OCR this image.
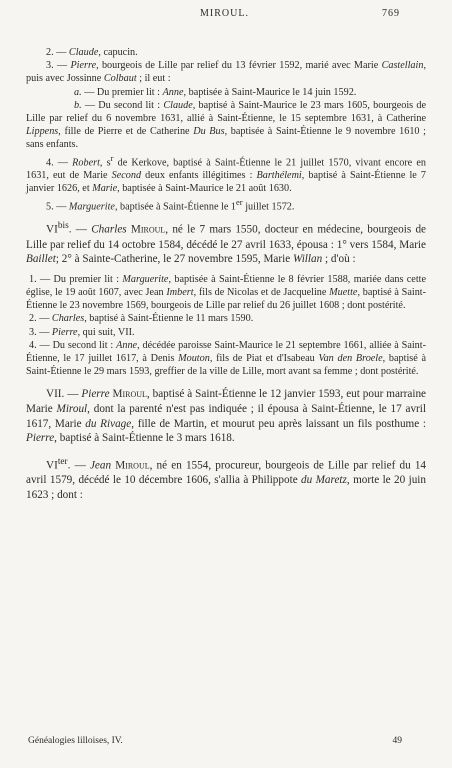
MIROUL.	769

2. — Claude, capucin.

3. — Pierre, bourgeois de Lille par relief du 13 février 1592, marié avec Marie Castellain, puis avec Jossinne Colbaut ; il eut :

a. — Du premier lit : Anne, baptisée à Saint-Maurice le 14 juin 1592.

b. — Du second lit : Claude, baptisé à Saint-Maurice le 23 mars 1605, bourgeois de Lille par relief du 6 novembre 1631, allié à Saint-Étienne, le 15 septembre 1631, à Catherine Lippens, fille de Pierre et de Catherine Du Bus, baptisée à Saint-Étienne le 9 novembre 1610 ; sans enfants.

4. — Robert, $s^r$ de Kerkove, baptisé à Saint-Étienne le 21 juillet 1570, vivant encore en 1631, eut de Marie Second deux enfants illégitimes : Barthélemi, baptisé à Saint-Étienne le 7 janvier 1626, et Marie, baptisée à Saint-Maurice le 21 août 1630.

5. — Marguerite, baptisée à Saint-Étienne le 1er juillet 1572.

$VI^{bis}$. — Charles Miroul, né le 7 mars 1550, docteur en médecine, bourgeois de Lille par relief du 14 octobre 1584, décédé le 27 avril 1633, épousa : 1° vers 1584, Marie Baillet; 2° à Sainte-Catherine, le 27 novembre 1595, Marie Willan ; d'où :

1. — Du premier lit : Marguerite, baptisée à Saint-Étienne le 8 février 1588, mariée dans cette église, le 19 août 1607, avec Jean Imbert, fils de Nicolas et de Jacqueline Muette, baptisé à Saint-Étienne le 23 novembre 1569, bourgeois de Lille par relief du 26 juillet 1608 ; dont postérité.

2. — Charles, baptisé à Saint-Étienne le 11 mars 1590.

3. — Pierre, qui suit, VII.

4. — Du second lit : Anne, décédée paroisse Saint-Maurice le 21 septembre 1661, alliée à Saint-Étienne, le 17 juillet 1617, à Denis Mouton, fils de Piat et d'Isabeau Van den Broele, baptisé à Saint-Étienne le 29 mars 1593, greffier de la ville de Lille, mort avant sa femme ; dont postérité.

VII. — Pierre Miroul, baptisé à Saint-Étienne le 12 janvier 1593, eut pour marraine Marie Miroul, dont la parenté n'est pas indiquée ; il épousa à Saint-Étienne, le 17 avril 1617, Marie du Rivage, fille de Martin, et mourut peu après laissant un fils posthume : Pierre, baptisé à Saint-Étienne le 3 mars 1618.

$VI^{ter}$. — Jean Miroul, né en 1554, procureur, bourgeois de Lille par relief du 14 avril 1579, décédé le 10 décembre 1606, s'allia à Philippote du Maretz, morte le 20 juin 1623 ; dont :

Généalogies lilloises, IV.	49
